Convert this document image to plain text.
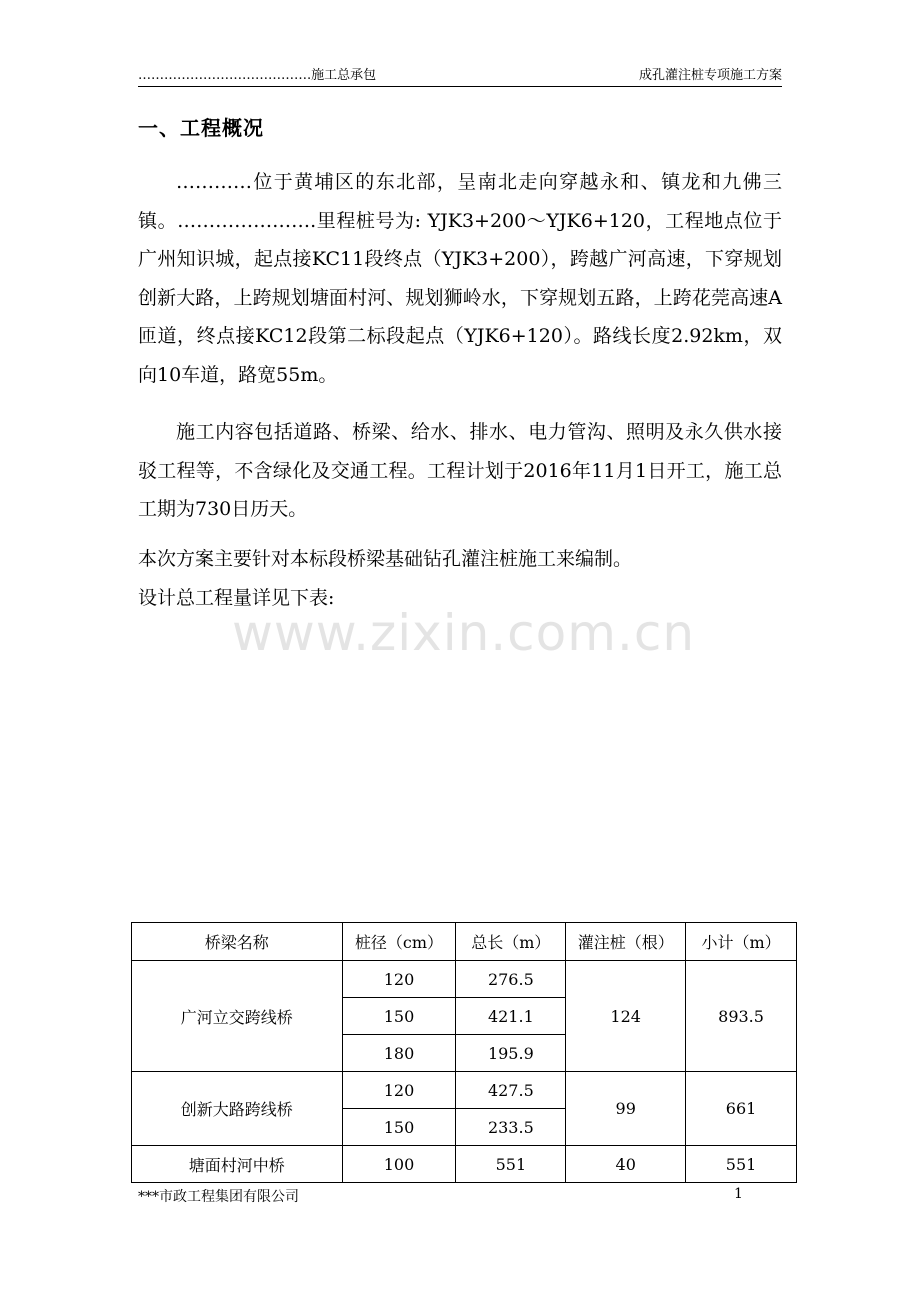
………………………………….施工总承包	成孔灌注桩专项施工方案
一、工程概况
…………位于黄埔区的东北部，呈南北走向穿越永和、镇龙和九佛三镇。………………….里程桩号为: YJK3+200～YJK6+120，工程地点位于广州知识城，起点接KC11段终点（YJK3+200），跨越广河高速，下穿规划创新大路，上跨规划塘面村河、规划狮岭水，下穿规划五路，上跨花莞高速A匝道，终点接KC12段第二标段起点（YJK6+120）。路线长度2.92km，双向10车道，路宽55m。
施工内容包括道路、桥梁、给水、排水、电力管沟、照明及永久供水接驳工程等，不含绿化及交通工程。工程计划于2016年11月1日开工，施工总工期为730日历天。
本次方案主要针对本标段桥梁基础钻孔灌注桩施工来编制。
设计总工程量详见下表:
www.zixin.com.cn
桥梁名称	桩径（cm）	总长（m）	灌注桩（根）	小计（m）
广河立交跨线桥	120	276.5	124	893.5
	150	421.1		
	180	195.9		
创新大路跨线桥	120	427.5	99	661
	150	233.5		
塘面村河中桥	100	551	40	551
***市政工程集团有限公司	1
